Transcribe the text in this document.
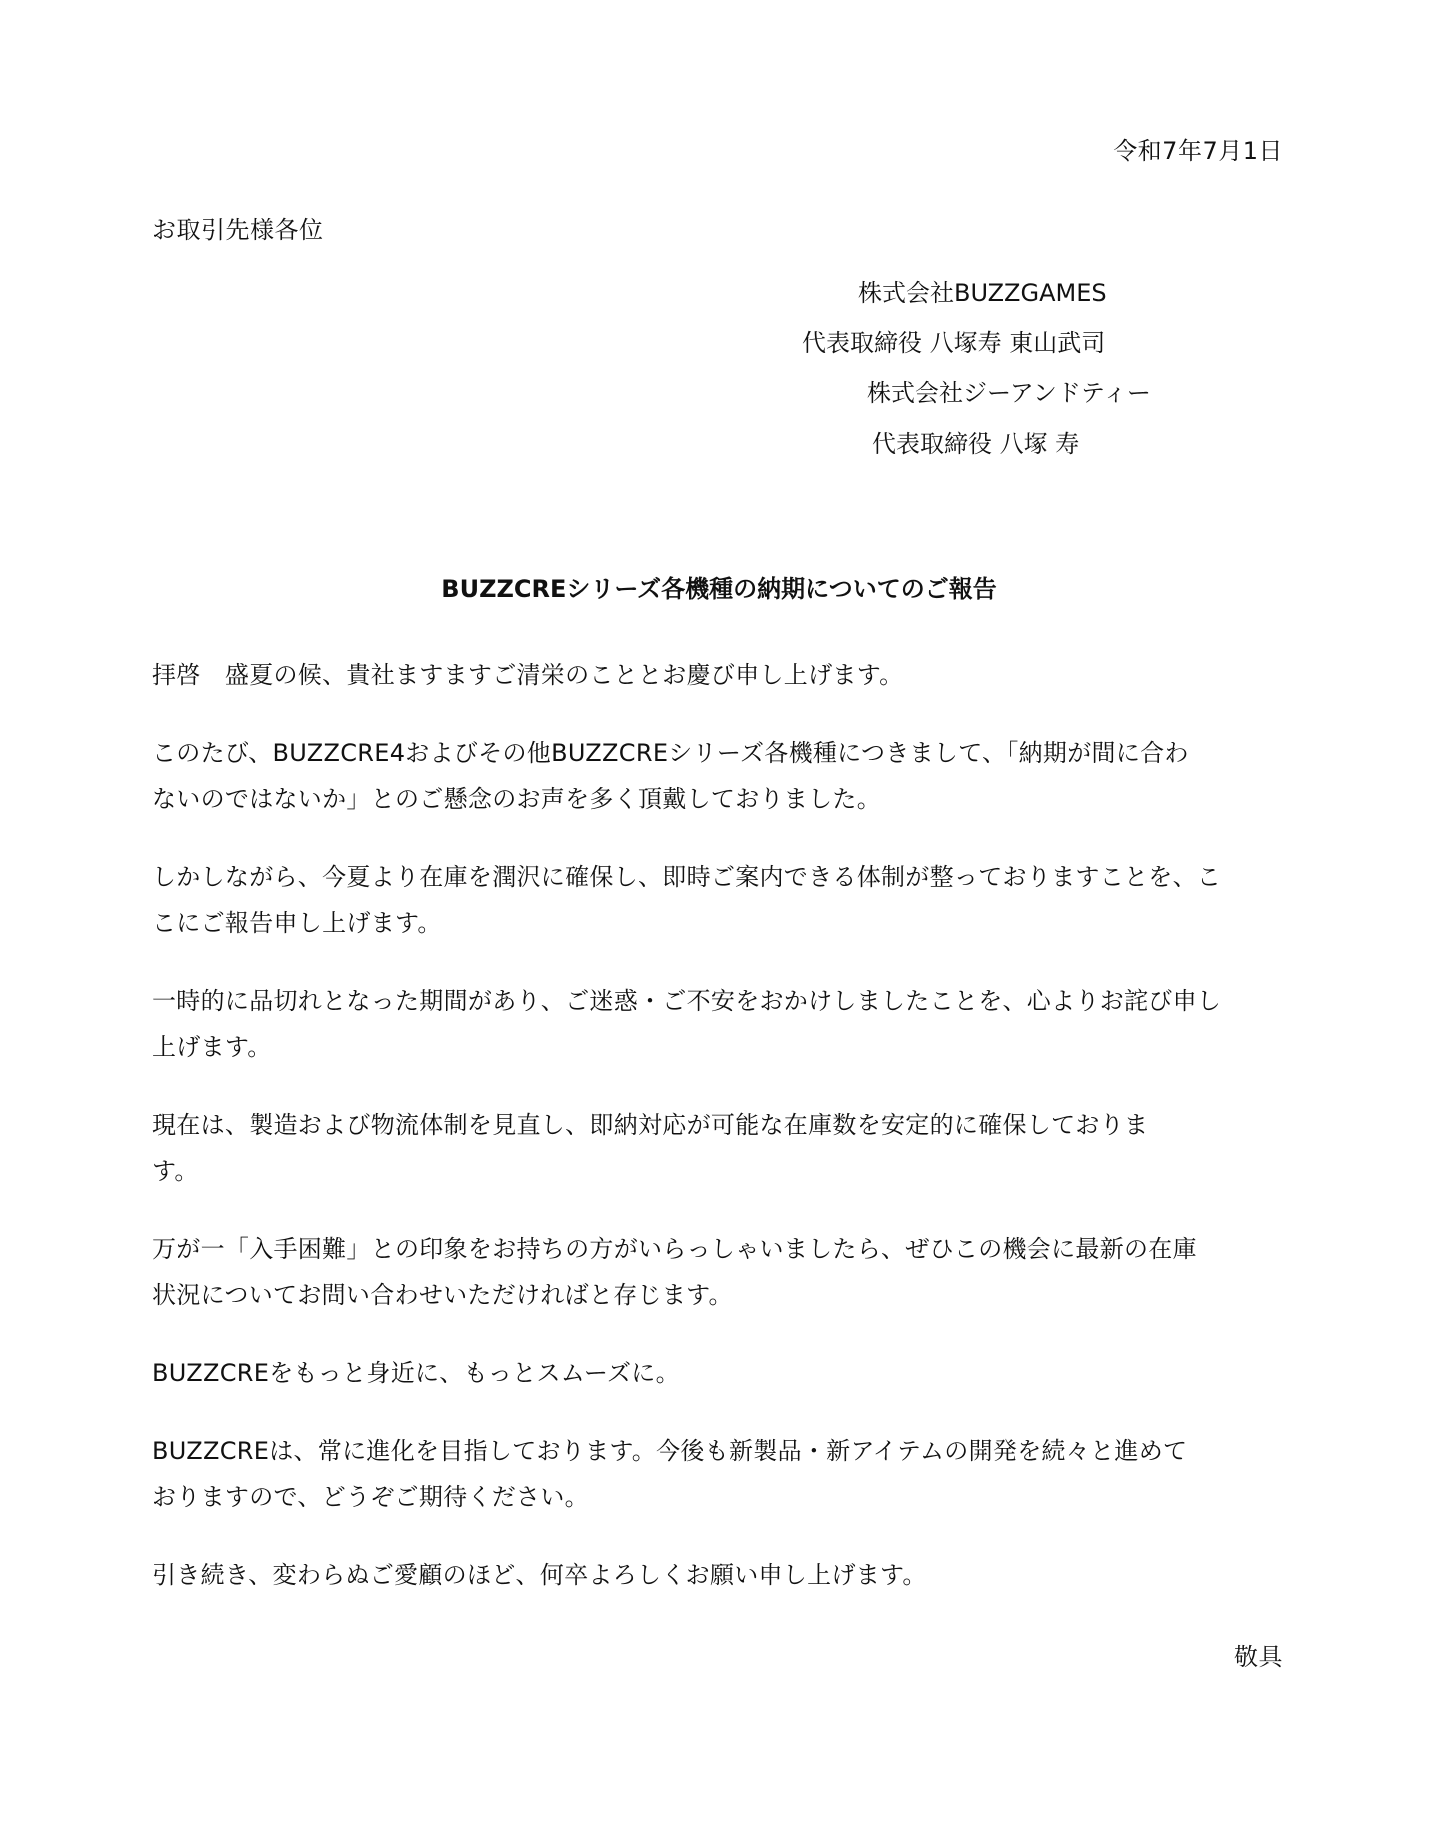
令和7年7月1日
お取引先様各位
株式会社BUZZGAMES
代表取締役 八塚寿 東山武司
株式会社ジーアンドティー
代表取締役 八塚 寿
BUZZCREシリーズ各機種の納期についてのご報告
拝啓　盛夏の候、貴社ますますご清栄のこととお慶び申し上げます。
このたび、BUZZCRE4およびその他BUZZCREシリーズ各機種につきまして、「納期が間に合わ
ないのではないか」とのご懸念のお声を多く頂戴しておりました。
しかしながら、今夏より在庫を潤沢に確保し、即時ご案内できる体制が整っておりますことを、こ
こにご報告申し上げます。
一時的に品切れとなった期間があり、ご迷惑・ご不安をおかけしましたことを、心よりお詫び申し
上げます。
現在は、製造および物流体制を見直し、即納対応が可能な在庫数を安定的に確保しておりま
す。
万が一「入手困難」との印象をお持ちの方がいらっしゃいましたら、ぜひこの機会に最新の在庫
状況についてお問い合わせいただければと存じます。
BUZZCREをもっと身近に、もっとスムーズに。
BUZZCREは、常に進化を目指しております。今後も新製品・新アイテムの開発を続々と進めて
おりますので、どうぞご期待ください。
引き続き、変わらぬご愛顧のほど、何卒よろしくお願い申し上げます。
敬具
